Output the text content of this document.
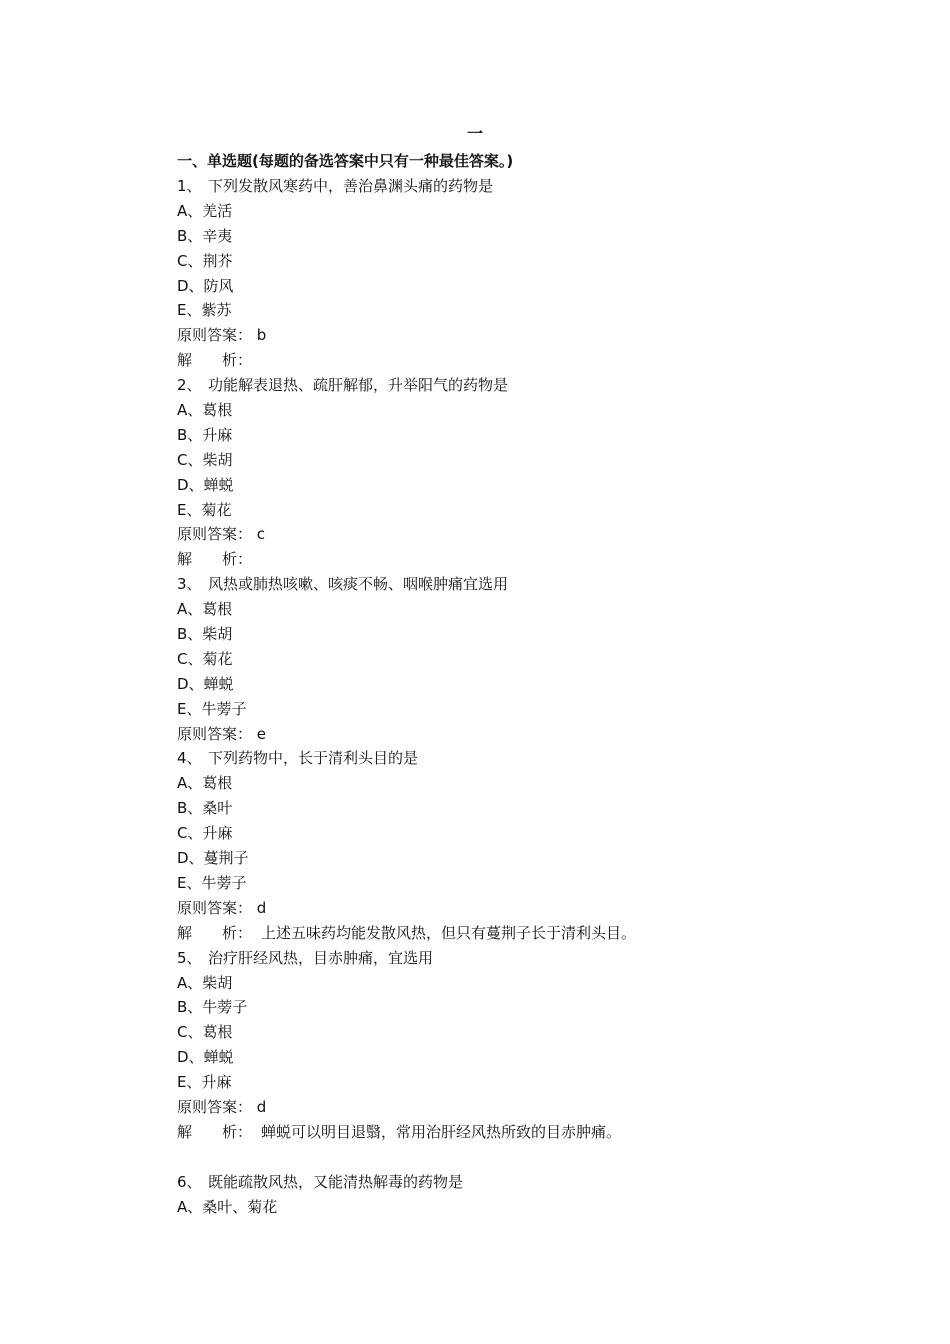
一
一、单选题(每题的备选答案中只有一种最佳答案。)
1、 下列发散风寒药中，善治鼻渊头痛的药物是
A、羌活
B、辛夷
C、荆芥
D、防风
E、紫苏
原则答案： b
解　　析：
2、 功能解表退热、疏肝解郁，升举阳气的药物是
A、葛根
B、升麻
C、柴胡
D、蝉蜕
E、菊花
原则答案： c
解　　析：
3、 风热或肺热咳嗽、咳痰不畅、咽喉肿痛宜选用
A、葛根
B、柴胡
C、菊花
D、蝉蜕
E、牛蒡子
原则答案： e
4、 下列药物中，长于清利头目的是
A、葛根
B、桑叶
C、升麻
D、蔓荆子
E、牛蒡子
原则答案： d
解　　析： 上述五味药均能发散风热，但只有蔓荆子长于清利头目。
5、 治疗肝经风热，目赤肿痛，宜选用
A、柴胡
B、牛蒡子
C、葛根
D、蝉蜕
E、升麻
原则答案： d
解　　析： 蝉蜕可以明目退翳，常用治肝经风热所致的目赤肿痛。
6、 既能疏散风热，又能清热解毒的药物是
A、桑叶、菊花
